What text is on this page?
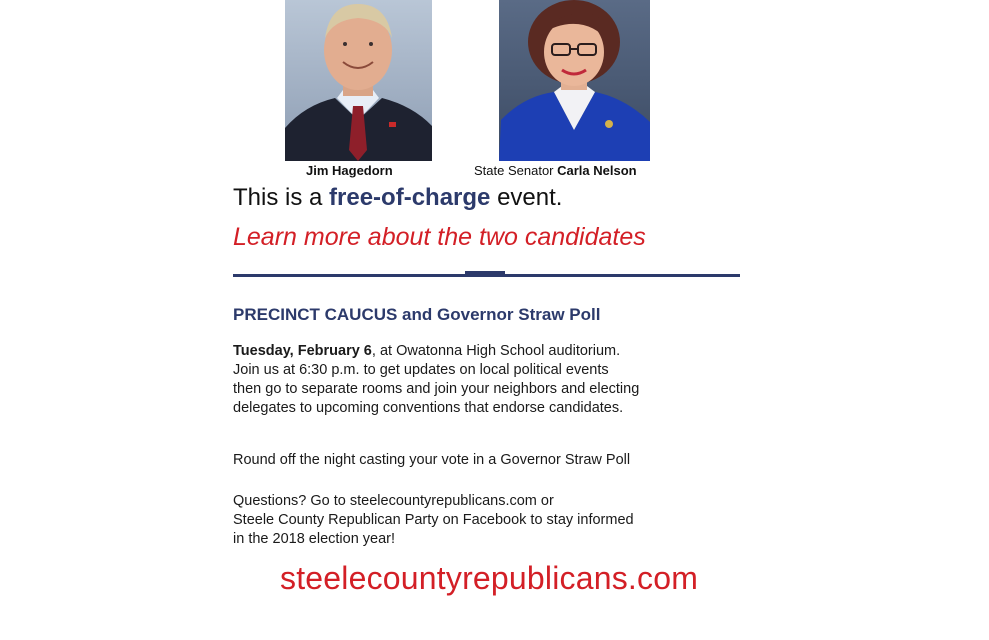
Jim Hagedorn	State Senator Carla Nelson
This is a free-of-charge event.
Learn more about the two candidates
PRECINCT CAUCUS and Governor Straw Poll
Tuesday, February 6, at Owatonna High School auditorium.
Join us at 6:30 p.m. to get updates on local political events
then go to separate rooms and join your neighbors and electing
delegates to upcoming conventions that endorse candidates.
Round off the night casting your vote in a Governor Straw Poll
Questions? Go to steelecountyrepublicans.com or
Steele County Republican Party on Facebook to stay informed
in the 2018 election year!
steelecountyrepublicans.com
